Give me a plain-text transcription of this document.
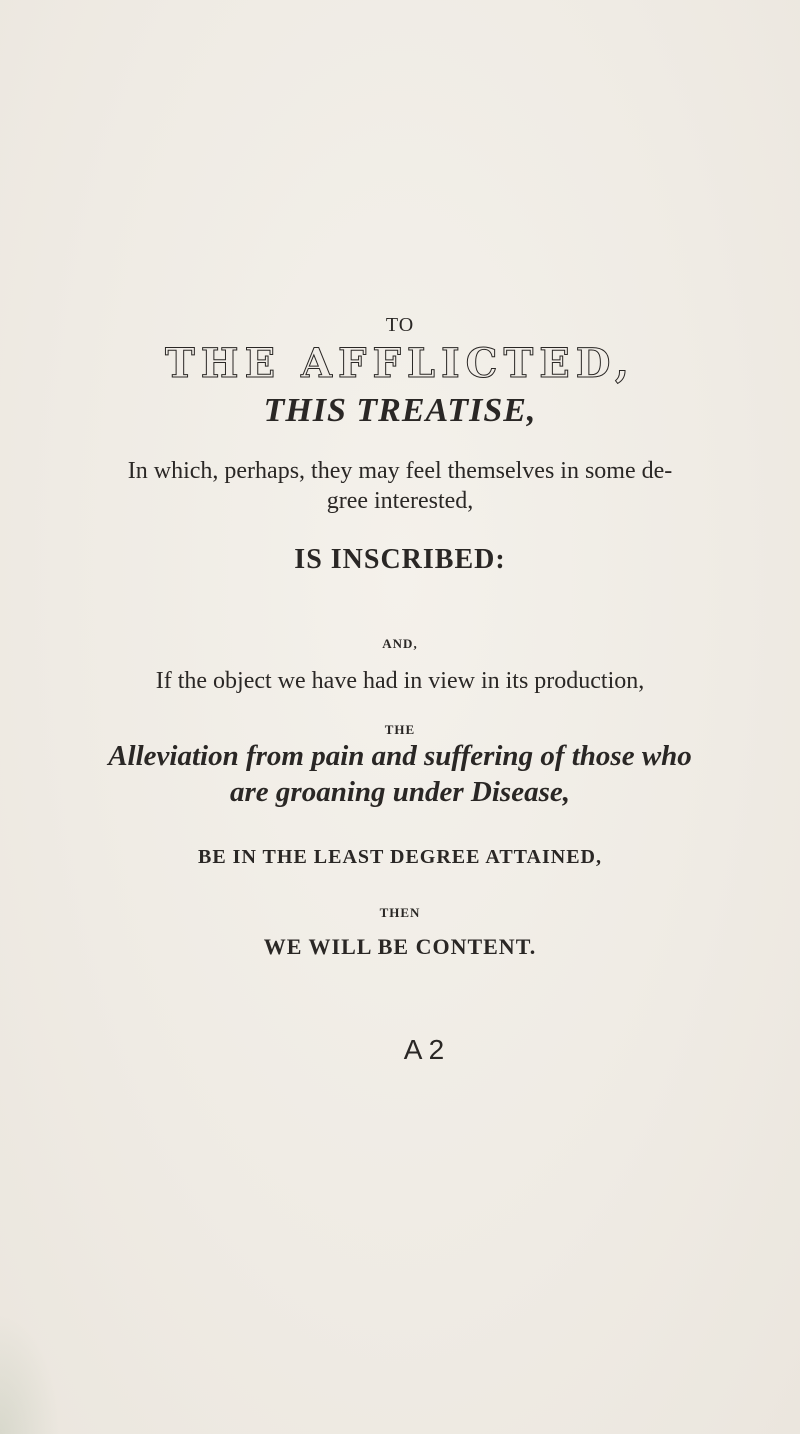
TO
THE AFFLICTED,
THIS TREATISE,
In which, perhaps, they may feel themselves in some de-
gree interested,
IS INSCRIBED:
AND,
If the object we have had in view in its production,
THE
Alleviation from pain and suffering of those who
are groaning under Disease,
BE IN THE LEAST DEGREE ATTAINED,
THEN
WE WILL BE CONTENT.
A 2
